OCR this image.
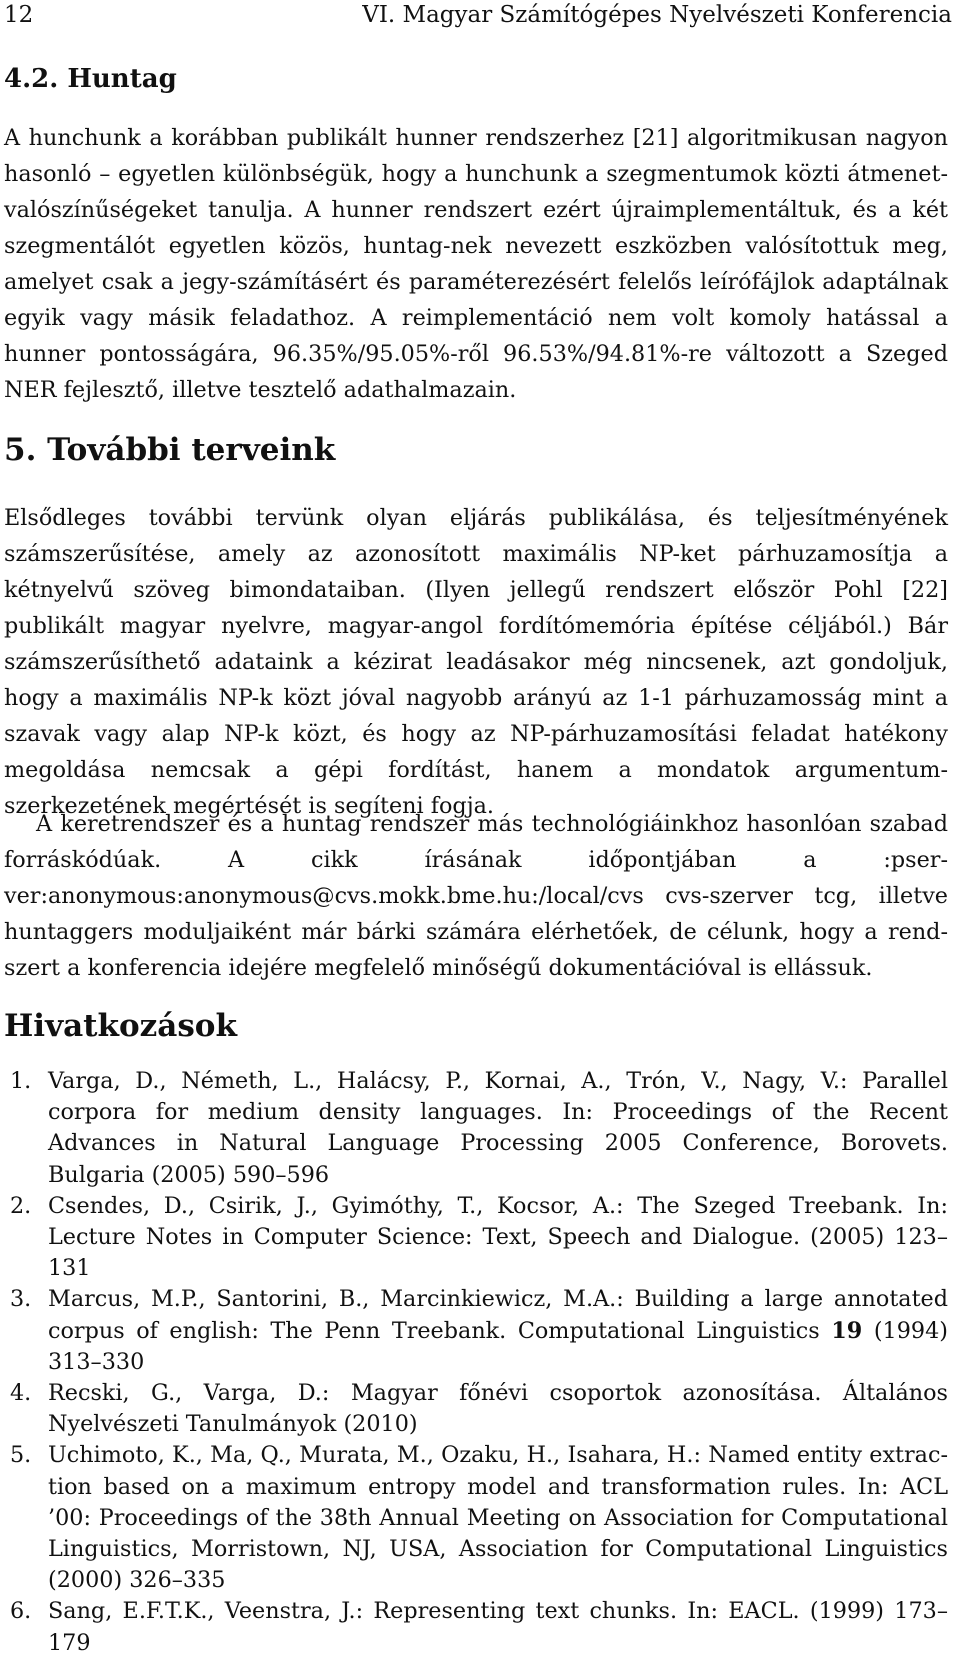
12	VI. Magyar Számítógépes Nyelvészeti Konferencia
4.2. Huntag

A hunchunk a korábban publikált hunner rendszerhez [21] algoritmikusan nagyon hasonló – egyetlen különbségük, hogy a hunchunk a szegmentumok közti átmenet-valószínűségeket tanulja. A hunner rendszert ezért újraimplementáltuk, és a két szegmentálót egyetlen közös, huntag-nek nevezett eszközben valósítottuk meg, amelyet csak a jegy-számításért és paraméterezésért felelős leírófájlok adaptálnak egyik vagy másik feladathoz. A reimplementáció nem volt komoly hatással a hunner pontosságára, 96.35%/95.05%-ről 96.53%/94.81%-re változott a Szeged NER fejlesztő, illetve tesztelő adathalmazain.

5. További terveink

Elsődleges további tervünk olyan eljárás publikálása, és teljesítményének számszerűsítése, amely az azonosított maximális NP-ket párhuzamosítja a kétnyelvű szöveg bimondataiban. (Ilyen jellegű rendszert először Pohl [22] publikált magyar nyelvre, magyar-angol fordítómemória építése céljából.) Bár számszerűsíthető adataink a kézirat leadásakor még nincsenek, azt gondoljuk, hogy a maximális NP-k közt jóval nagyobb arányú az 1-1 párhuzamosság mint a szavak vagy alap NP-k közt, és hogy az NP-párhuzamosítási feladat hatékony megoldása nemcsak a gépi fordítást, hanem a mondatok argumentumszerkezetének megértését is segíteni fogja.

A keretrendszer és a huntag rendszer más technológiáinkhoz hasonlóan szabad forráskódúak. A cikk írásának időpontjában a :pserver:anonymous:anonymous@cvs.mokk.bme.hu:/local/cvs cvs-szerver tcg, illetve huntaggers moduljaiként már bárki számára elérhetőek, de célunk, hogy a rendszert a konferencia idejére megfelelő minőségű dokumentációval is ellássuk.

Hivatkozások
1. Varga, D., Németh, L., Halácsy, P., Kornai, A., Trón, V., Nagy, V.: Parallel corpora for medium density languages. In: Proceedings of the Recent Advances in Natural Language Processing 2005 Conference, Borovets. Bulgaria (2005) 590–596
2. Csendes, D., Csirik, J., Gyimóthy, T., Kocsor, A.: The Szeged Treebank. In: Lecture Notes in Computer Science: Text, Speech and Dialogue. (2005) 123–131
3. Marcus, M.P., Santorini, B., Marcinkiewicz, M.A.: Building a large annotated corpus of english: The Penn Treebank. Computational Linguistics 19 (1994) 313–330
4. Recski, G., Varga, D.: Magyar főnévi csoportok azonosítása. Általános Nyelvészeti Tanulmányok (2010)
5. Uchimoto, K., Ma, Q., Murata, M., Ozaku, H., Isahara, H.: Named entity extraction based on a maximum entropy model and transformation rules. In: ACL ’00: Proceedings of the 38th Annual Meeting on Association for Computational Linguistics, Morristown, NJ, USA, Association for Computational Linguistics (2000) 326–335
6. Sang, E.F.T.K., Veenstra, J.: Representing text chunks. In: EACL. (1999) 173–179
